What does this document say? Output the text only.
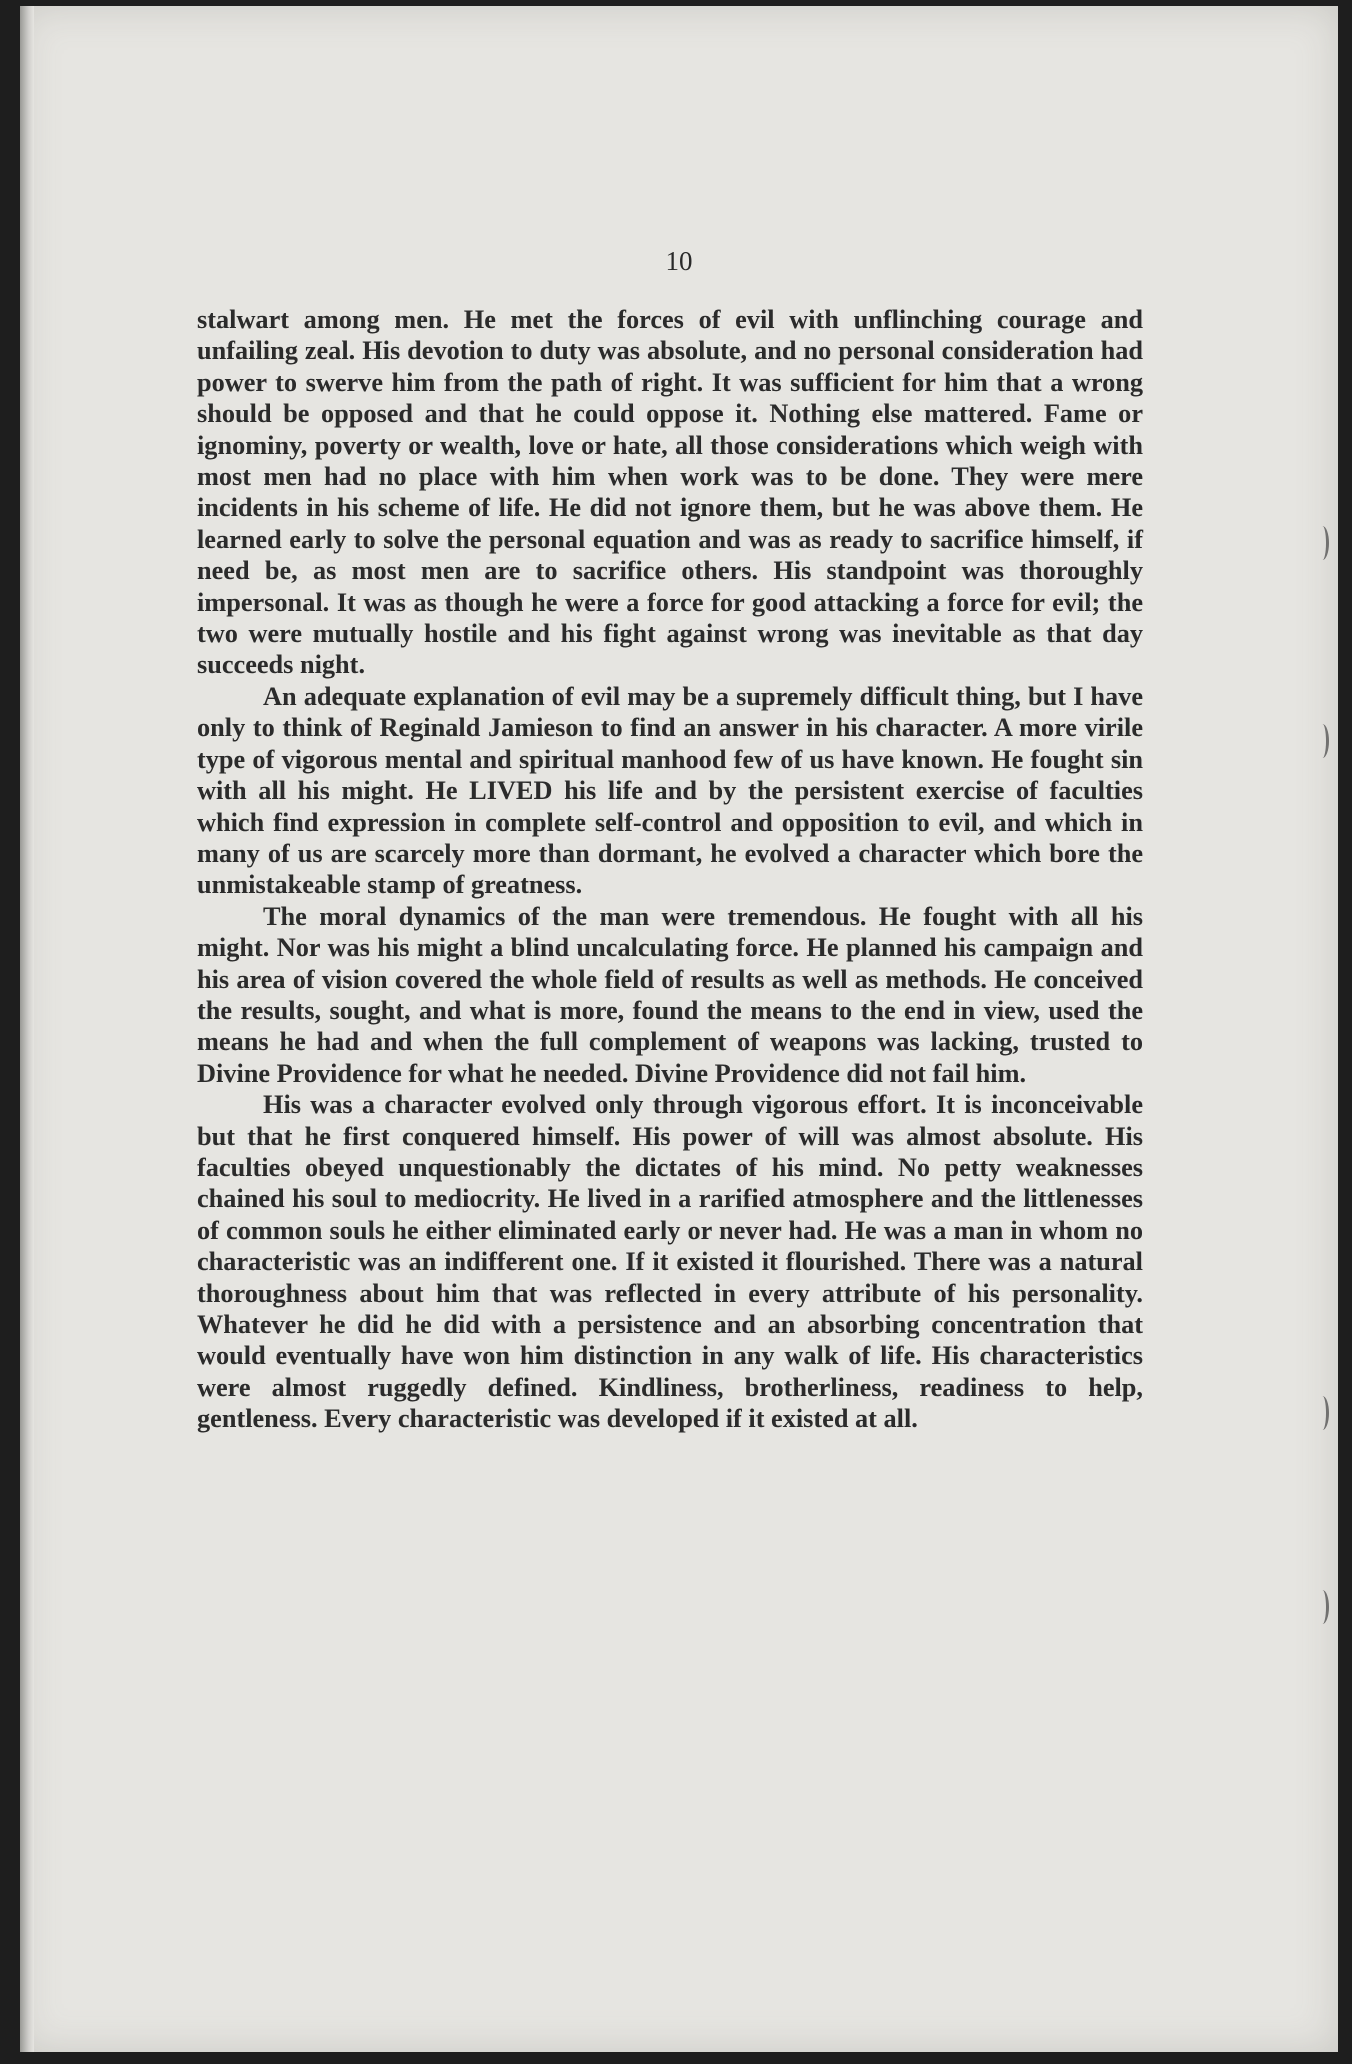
10

stalwart among men. He met the forces of evil with unflinching courage and unfailing zeal. His devotion to duty was absolute, and no personal consideration had power to swerve him from the path of right. It was sufficient for him that a wrong should be opposed and that he could oppose it. Nothing else mattered. Fame or ignominy, poverty or wealth, love or hate, all those considerations which weigh with most men had no place with him when work was to be done. They were mere incidents in his scheme of life. He did not ignore them, but he was above them. He learned early to solve the personal equation and was as ready to sacrifice himself, if need be, as most men are to sacrifice others. His standpoint was thoroughly impersonal. It was as though he were a force for good attacking a force for evil; the two were mutually hostile and his fight against wrong was inevitable as that day succeeds night.

An adequate explanation of evil may be a supremely difficult thing, but I have only to think of Reginald Jamieson to find an answer in his character. A more virile type of vigorous mental and spiritual manhood few of us have known. He fought sin with all his might. He LIVED his life and by the persistent exercise of faculties which find expression in complete self-control and opposition to evil, and which in many of us are scarcely more than dormant, he evolved a character which bore the unmistakeable stamp of greatness.

The moral dynamics of the man were tremendous. He fought with all his might. Nor was his might a blind uncalculating force. He planned his campaign and his area of vision covered the whole field of results as well as methods. He conceived the results, sought, and what is more, found the means to the end in view, used the means he had and when the full complement of weapons was lacking, trusted to Divine Providence for what he needed. Divine Providence did not fail him.

His was a character evolved only through vigorous effort. It is inconceivable but that he first conquered himself. His power of will was almost absolute. His faculties obeyed unquestionably the dictates of his mind. No petty weaknesses chained his soul to mediocrity. He lived in a rarified atmosphere and the littlenesses of common souls he either eliminated early or never had. He was a man in whom no characteristic was an indifferent one. If it existed it flourished. There was a natural thoroughness about him that was reflected in every attribute of his personality. Whatever he did he did with a persistence and an absorbing concentration that would eventually have won him distinction in any walk of life. His characteristics were almost ruggedly defined. Kindliness, brotherliness, readiness to help, gentleness. Every characteristic was developed if it existed at all.
